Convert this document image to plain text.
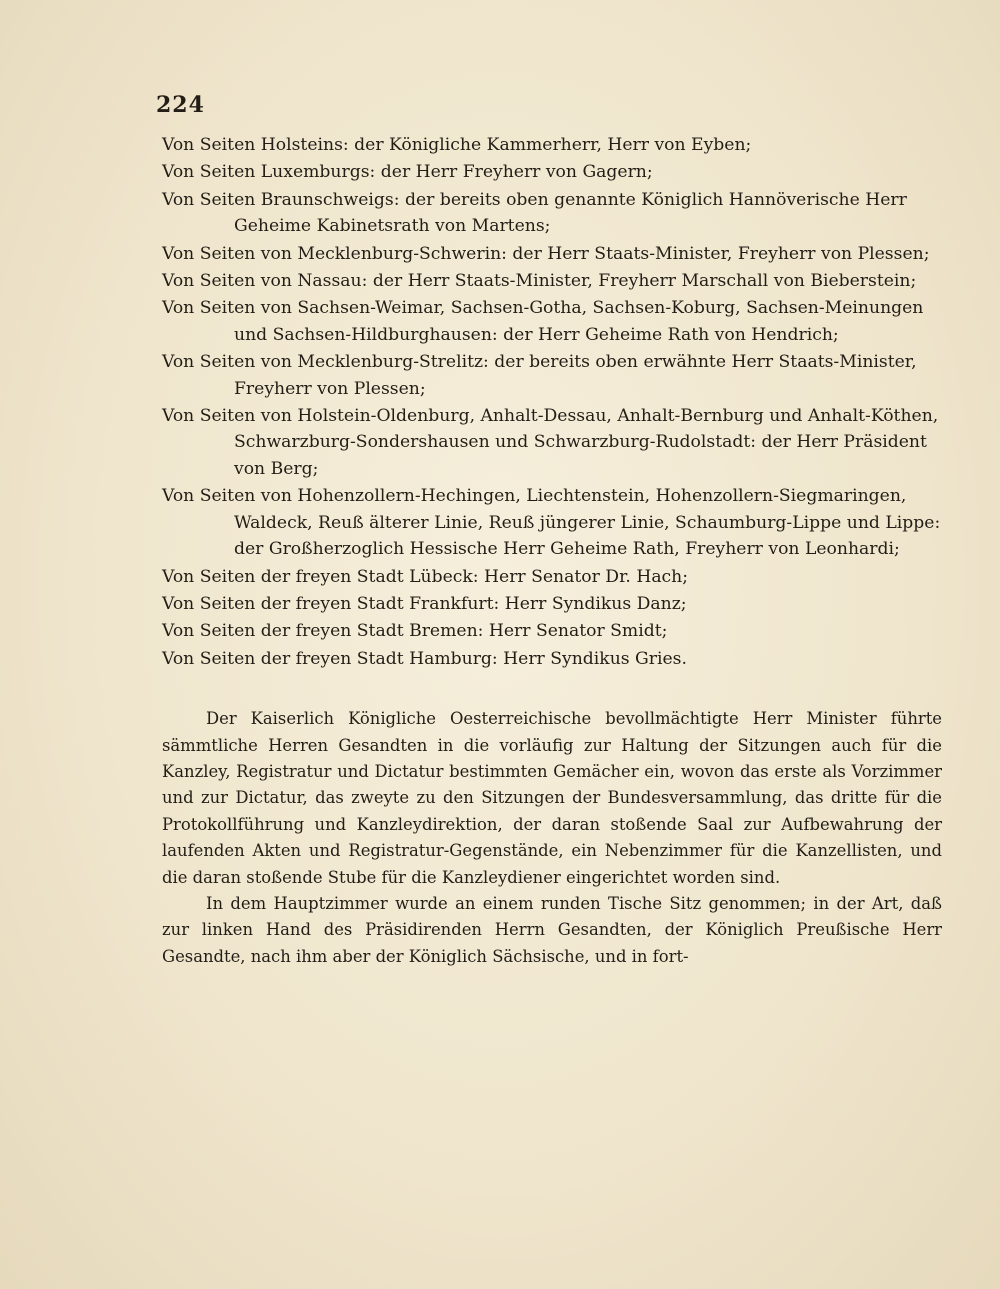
224

Von Seiten Holsteins: der Königliche Kammerherr, Herr von Eyben;

Von Seiten Luxemburgs: der Herr Freyherr von Gagern;

Von Seiten Braunschweigs: der bereits oben genannte Königlich Hannöverische Herr Geheime Kabinetsrath von Martens;

Von Seiten von Mecklenburg-Schwerin: der Herr Staats-Minister, Freyherr von Plessen;

Von Seiten von Nassau: der Herr Staats-Minister, Freyherr Marschall von Bieberstein;

Von Seiten von Sachsen-Weimar, Sachsen-Gotha, Sachsen-Koburg, Sachsen-Meinungen und Sachsen-Hildburghausen: der Herr Geheime Rath von Hendrich;

Von Seiten von Mecklenburg-Strelitz: der bereits oben erwähnte Herr Staats-Minister, Freyherr von Plessen;

Von Seiten von Holstein-Oldenburg, Anhalt-Dessau, Anhalt-Bernburg und Anhalt-Köthen, Schwarzburg-Sondershausen und Schwarzburg-Rudolstadt: der Herr Präsident von Berg;

Von Seiten von Hohenzollern-Hechingen, Liechtenstein, Hohenzollern-Siegmaringen, Waldeck, Reuß älterer Linie, Reuß jüngerer Linie, Schaumburg-Lippe und Lippe: der Großherzoglich Hessische Herr Geheime Rath, Freyherr von Leonhardi;

Von Seiten der freyen Stadt Lübeck: Herr Senator Dr. Hach;

Von Seiten der freyen Stadt Frankfurt: Herr Syndikus Danz;

Von Seiten der freyen Stadt Bremen: Herr Senator Smidt;

Von Seiten der freyen Stadt Hamburg: Herr Syndikus Gries.

Der Kaiserlich Königliche Oesterreichische bevollmächtigte Herr Minister führte sämmtliche Herren Gesandten in die vorläufig zur Haltung der Sitzungen auch für die Kanzley, Registratur und Dictatur bestimmten Gemächer ein, wovon das erste als Vorzimmer und zur Dictatur, das zweyte zu den Sitzungen der Bundesversammlung, das dritte für die Protokollführung und Kanzleydirektion, der daran stoßende Saal zur Aufbewahrung der laufenden Akten und Registratur-Gegenstände, ein Nebenzimmer für die Kanzellisten, und die daran stoßende Stube für die Kanzleydiener eingerichtet worden sind.

In dem Hauptzimmer wurde an einem runden Tische Sitz genommen; in der Art, daß zur linken Hand des Präsidirenden Herrn Gesandten, der Königlich Preußische Herr Gesandte, nach ihm aber der Königlich Sächsische, und in fort-
